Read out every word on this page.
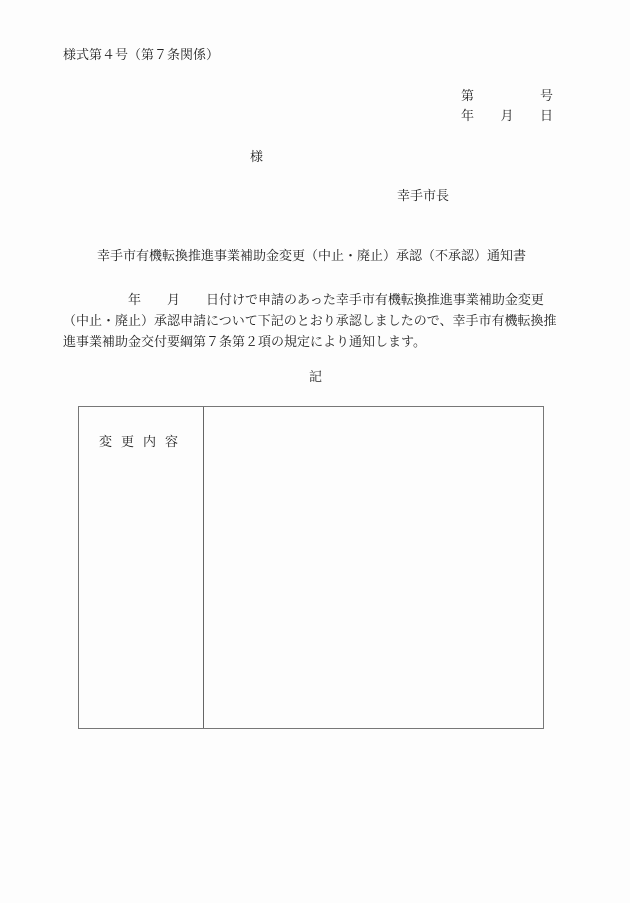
様式第４号（第７条関係）
第	号
年 月 日
様
幸手市長
幸手市有機転換推進事業補助金変更（中止・廃止）承認（不承認）通知書

　　　　　年　　月　　日付けで申請のあった幸手市有機転換推進事業補助金変更

（中止・廃止）承認申請について下記のとおり承認しましたので、幸手市有機転換推

進事業補助金交付要綱第７条第２項の規定により通知します。

記
変更内容
